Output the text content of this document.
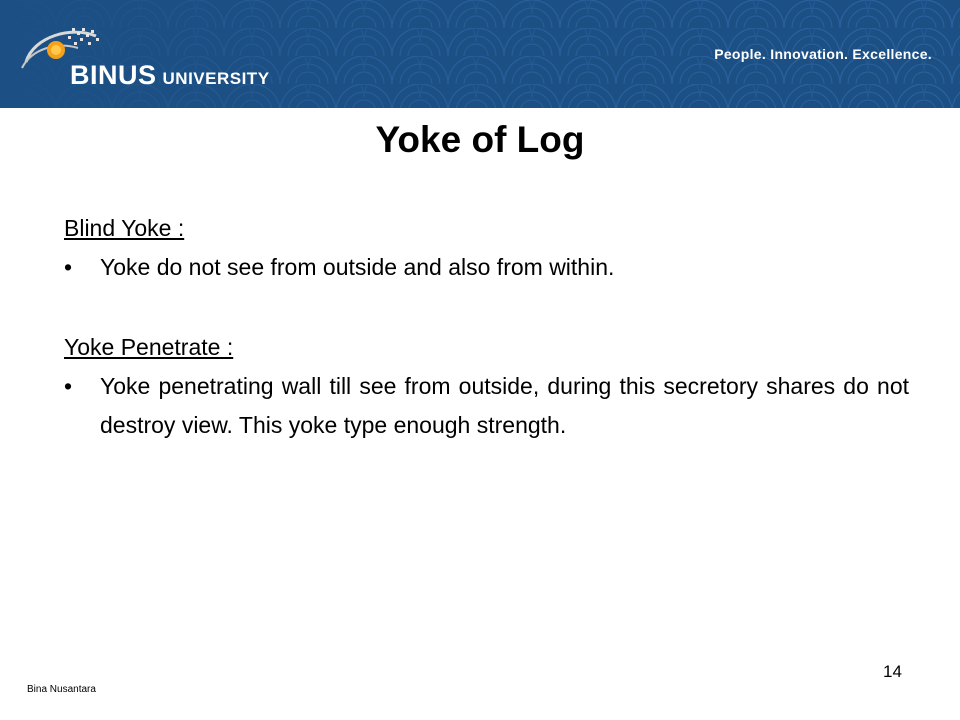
BINUS UNIVERSITY
People. Innovation. Excellence.
Yoke of Log

Blind Yoke :

• Yoke do not see from outside and also from within.

Yoke Penetrate :

• Yoke penetrating wall till see from outside, during this secretory shares do not destroy view. This yoke type enough strength.

Bina Nusantara
14
